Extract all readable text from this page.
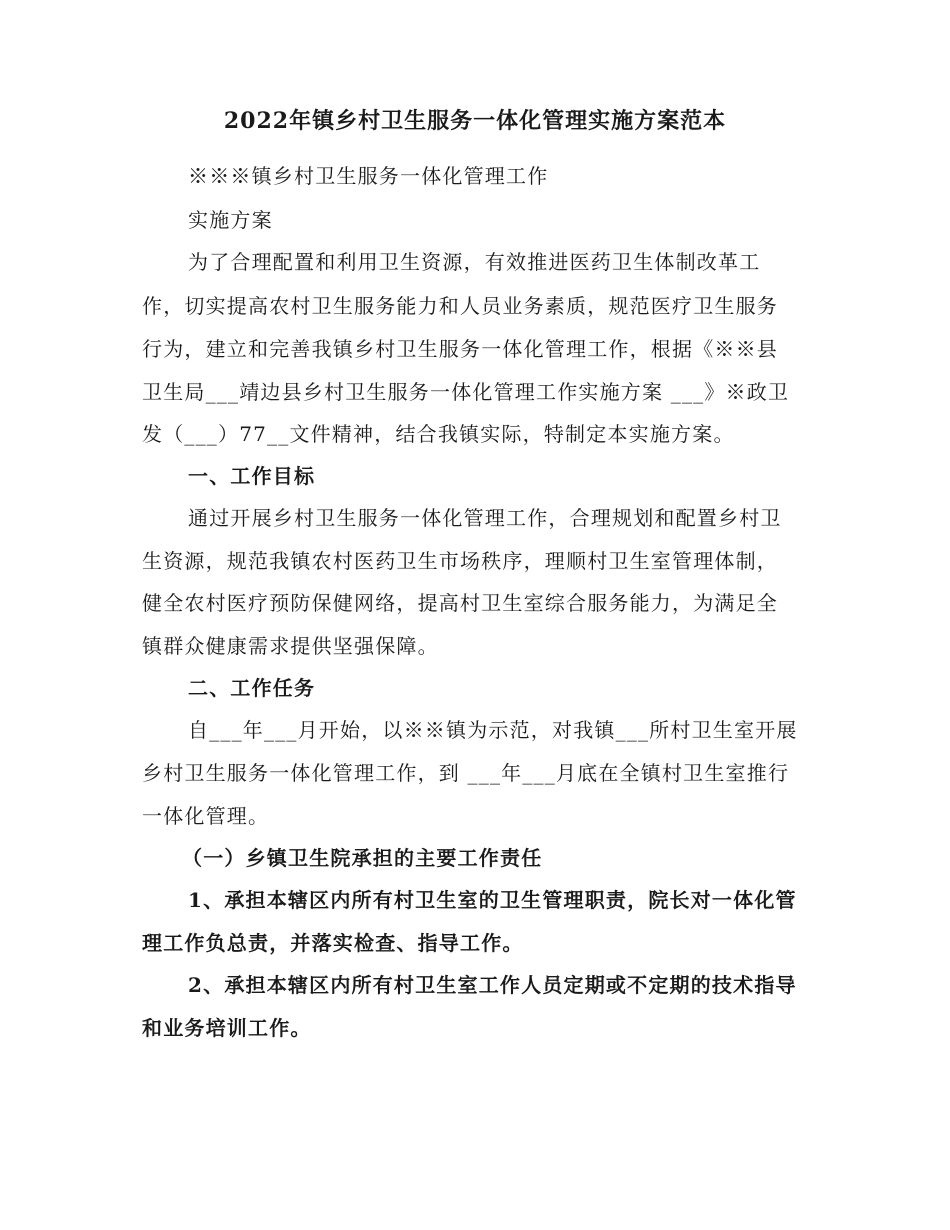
2022年镇乡村卫生服务一体化管理实施方案范本
※※※镇乡村卫生服务一体化管理工作
实施方案
为了合理配置和利用卫生资源，有效推进医药卫生体制改革工
作，切实提高农村卫生服务能力和人员业务素质，规范医疗卫生服务
行为，建立和完善我镇乡村卫生服务一体化管理工作，根据《※※县
卫生局___靖边县乡村卫生服务一体化管理工作实施方案 ___》※政卫
发（___）77__文件精神，结合我镇实际，特制定本实施方案。
一、工作目标
通过开展乡村卫生服务一体化管理工作，合理规划和配置乡村卫
生资源，规范我镇农村医药卫生市场秩序，理顺村卫生室管理体制，
健全农村医疗预防保健网络，提高村卫生室综合服务能力，为满足全
镇群众健康需求提供坚强保障。
二、工作任务
自___年___月开始，以※※镇为示范，对我镇___所村卫生室开展
乡村卫生服务一体化管理工作，到 ___年___月底在全镇村卫生室推行
一体化管理。
（一）乡镇卫生院承担的主要工作责任
1、承担本辖区内所有村卫生室的卫生管理职责，院长对一体化管
理工作负总责，并落实检查、指导工作。
2、承担本辖区内所有村卫生室工作人员定期或不定期的技术指导
和业务培训工作。
